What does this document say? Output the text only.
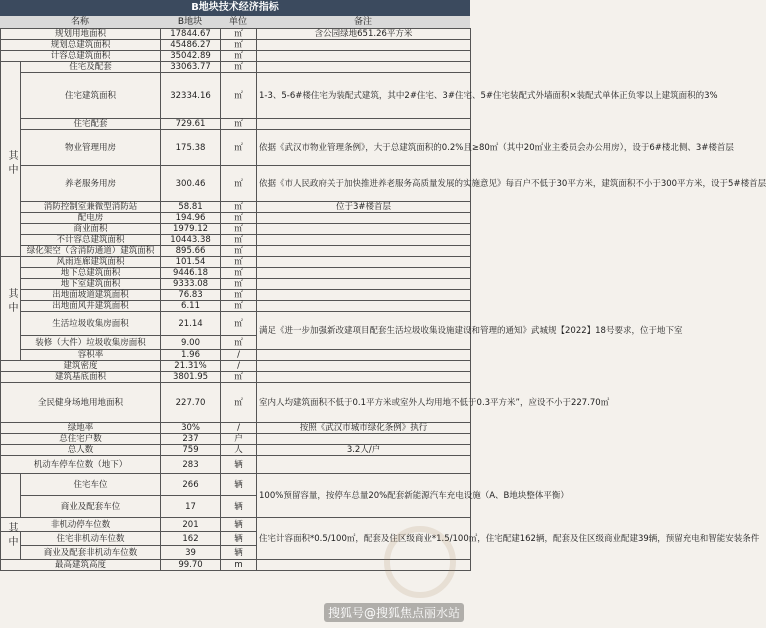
B地块技术经济指标
名称	B地块	单位	备注
规划用地面积		17844.67	㎡	含公园绿地651.26平方米
规划总建筑面积		45486.27	㎡	
计容总建筑面积		35042.89	㎡	
	住宅及配套	33063.77	㎡	
	住宅建筑面积	32334.16	㎡	1-3、5-6#楼住宅为装配式建筑，其中2#住宅、3#住宅、5#住宅装配式外墙面积×装配式单体正负零以上建筑面积的3%
	住宅配套	729.61	㎡	
	物业管理用房	175.38	㎡	依据《武汉市物业管理条例》，大于总建筑面积的0.2%且≥80㎡（其中20㎡业主委员会办公用房），设于6#楼北侧、3#楼首层
	养老服务用房	300.46	㎡	依据《市人民政府关于加快推进养老服务高质量发展的实施意见》每百户不低于30平方米，建筑面积不小于300平方米，设于5#楼首层
	消防控制室兼微型消防站	58.81	㎡	位于3#楼首层
	配电房	194.96	㎡	
	商业面积	1979.12	㎡	
	不计容总建筑面积	10443.38	㎡	
	绿化架空（含消防通道）建筑面积	895.66	㎡	
	风雨连廊建筑面积	101.54	㎡	
	地下总建筑面积	9446.18	㎡	
	地下室建筑面积	9333.08	㎡	
	出地面坡道建筑面积	76.83	㎡	
	出地面风井建筑面积	6.11	㎡	
	生活垃圾收集房面积	21.14	㎡	满足《进一步加强新改建项目配套生活垃圾收集设施建设和管理的通知》武城规【2022】18号要求，位于地下室
	装修（大件）垃圾收集房面积	9.00	㎡	
	容积率	1.96	/	
建筑密度		21.31%	/	
建筑基底面积		3801.95	㎡	
全民健身场地用地面积		227.70	㎡	室内人均建筑面积不低于0.1平方米或室外人均用地不低于0.3平方米”，应设不小于227.70㎡
绿地率		30%	/	按照《武汉市城市绿化条例》执行
总住宅户数		237	户	
总人数		759	人	3.2人/户
机动车停车位数（地下）		283	辆	
	住宅车位	266	辆	100%预留容量，按停车总量20%配套新能源汽车充电设施（A、B地块整体平衡）
	商业及配套车位	17	辆	
非机动停车位数		201	辆	住宅计容面积*0.5/100㎡，配套及住区级商业*1.5/100㎡，住宅配建162辆，配套及住区级商业配建39辆，预留充电和智能安装条件
	住宅非机动车位数	162	辆	
	商业及配套非机动车位数	39	辆	
最高建筑高度		99.70	m	
其中
其中
其中
搜狐号@搜狐焦点丽水站
